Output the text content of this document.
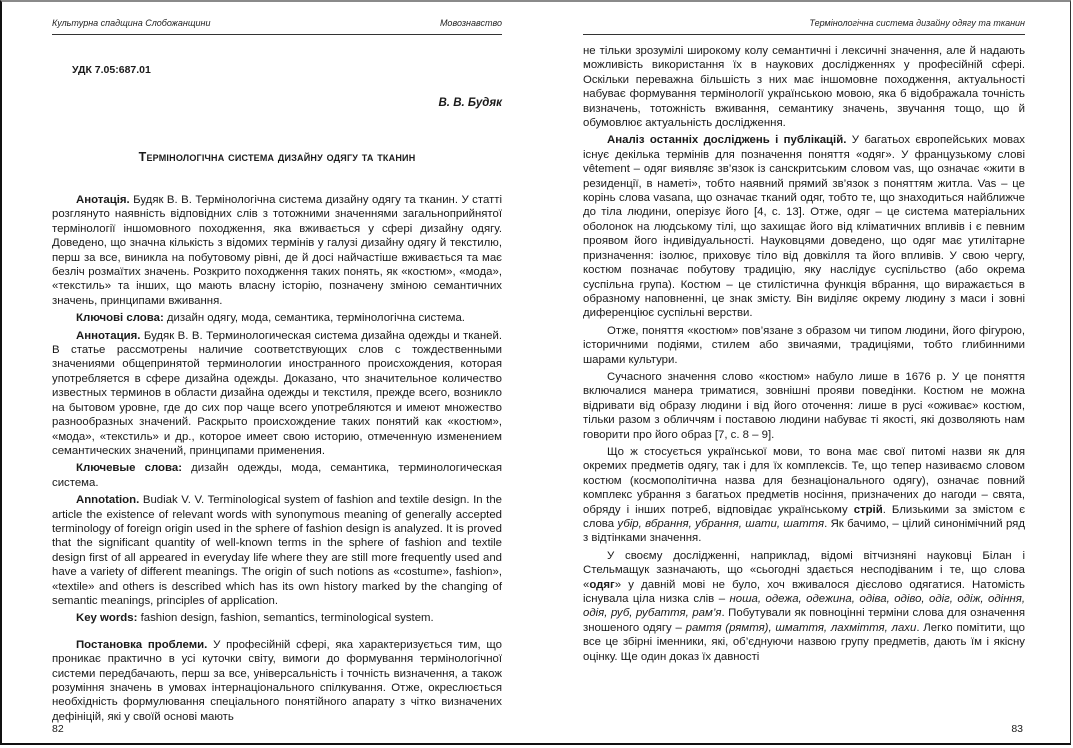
Культурна спадщина Слобожанщини	Мовознавство
УДК 7.05:687.01
В. В. Будяк
Термінологічна система дизайну одягу та тканин

Анотація. Будяк В. В. Термінологічна система дизайну одягу та тканин. У статті розглянуто наявність відповідних слів з тотожними значеннями загальноприйнятої термінології іншомовного походження, яка вживається у сфері дизайну одягу. Доведено, що значна кількість з відомих термінів у галузі дизайну одягу й текстилю, перш за все, виникла на побутовому рівні, де й досі найчастіше вживається та має безліч розмаїтих значень. Розкрито походження таких понять, як «костюм», «мода», «текстиль» та інших, що мають власну історію, позначену зміною семантичних значень, принципами вживання.

Ключові слова: дизайн одягу, мода, семантика, термінологічна система.

Аннотация. Будяк В. В. Терминологическая система дизайна одежды и тканей. В статье рассмотрены наличие соответствующих слов с тождественными значениями общепринятой терминологии иностранного происхождения, которая употребляется в сфере дизайна одежды. Доказано, что значительное количество известных терминов в области дизайна одежды и текстиля, прежде всего, возникло на бытовом уровне, где до сих пор чаще всего употребляются и имеют множество разнообразных значений. Раскрыто происхождение таких понятий как «костюм», «мода», «текстиль» и др., которое имеет свою историю, отмеченную изменением семантических значений, принципами применения.

Ключевые слова: дизайн одежды, мода, семантика, терминологическая система.

Annotation. Budiak V. V. Terminological system of fashion and textile design. In the article the existence of relevant words with synonymous meaning of generally accepted terminology of foreign origin used in the sphere of fashion design is analyzed. It is proved that the significant quantity of well-known terms in the sphere of fashion and textile design first of all appeared in everyday life where they are still more frequently used and have a variety of different meanings. The origin of such notions as «costume», fashion», «textile» and others is described which has its own history marked by the changing of semantic meanings, principles of application.

Key words: fashion design, fashion, semantics, terminological system.

Постановка проблеми. У професійній сфері, яка характеризується тим, що проникає практично в усі куточки світу, вимоги до формування термінологічної системи передбачають, перш за все, універсальність і точність визначення, а також розуміння значень в умовах інтернаціонального спілкування. Отже, окреслюється необхідність формулювання спеціального понятійного апарату з чітко визначених дефініцій, які у своїй основі мають

82
Термінологічна система дизайну одягу та тканин

не тільки зрозумілі широкому колу семантичні і лексичні значення, але й надають можливість використання їх в наукових дослідженнях у професійній сфері. Оскільки переважна більшість з них має іншомовне походження, актуальності набуває формування термінології українською мовою, яка б відображала точність визначень, тотожність вживання, семантику значень, звучання тощо, що й обумовлює актуальність дослідження.

Аналіз останніх досліджень і публікацій. У багатьох європейських мовах існує декілька термінів для позначення поняття «одяг». У французькому слові vêtement – одяг виявляє зв’язок із санскритським словом vas, що означає «жити в резиденції, в наметі», тобто наявний прямий зв’язок з поняттям житла. Vas – це корінь слова vasana, що означає тканий одяг, тобто те, що знаходиться найближче до тіла людини, оперізує його [4, с. 13]. Отже, одяг – це система матеріальних оболонок на людському тілі, що захищає його від кліматичних впливів і є певним проявом його індивідуальності. Науковцями доведено, що одяг має утилітарне призначення: ізолює, приховує тіло від довкілля та його впливів. У свою чергу, костюм позначає побутову традицію, яку наслідує суспільство (або окрема суспільна група). Костюм – це стилістична функція вбрання, що виражається в образному наповненні, це знак змісту. Він виділяє окрему людину з маси і зовні диференціює суспільні верстви.

Отже, поняття «костюм» пов’язане з образом чи типом людини, його фігурою, історичними подіями, стилем або звичаями, традиціями, тобто глибинними шарами культури.

Сучасного значення слово «костюм» набуло лише в 1676 р. У це поняття включалися манера триматися, зовнішні прояви поведінки. Костюм не можна відривати від образу людини і від його оточення: лише в русі «оживає» костюм, тільки разом з обличчям і поставою людини набуває ті якості, які дозволяють нам говорити про його образ [7, с. 8 – 9].

Що ж стосується української мови, то вона має свої питомі назви як для окремих предметів одягу, так і для їх комплексів. Те, що тепер називаємо словом костюм (космополітична назва для безнаціонального одягу), означає повний комплекс убрання з багатьох предметів носіння, призначених до нагоди – свята, обряду і інших потреб, відповідає українському стрій. Близькими за змістом є слова убір, вбрання, убрання, шати, шаття. Як бачимо, – цілий синонімічний ряд з відтінками значення.

У своєму дослідженні, наприклад, відомі вітчизняні науковці Білан і Стельмащук зазначають, що «сьогодні здається несподіваним і те, що слова «одяг» у давній мові не було, хоч вживалося дієслово одягатися. Натомість існувала ціла низка слів – ноша, одежа, одежина, одіва, одіво, одіг, одіж, одіння, одія, руб, рубаття, рам’я. Побутували як повноцінні терміни слова для означення зношеного одягу – рамтя (рямтя), шмаття, лахміття, лахи. Легко помітити, що все це збірні іменники, які, об’єднуючи назвою групу предметів, дають їм і якісну оцінку. Ще один доказ їх давності

83
